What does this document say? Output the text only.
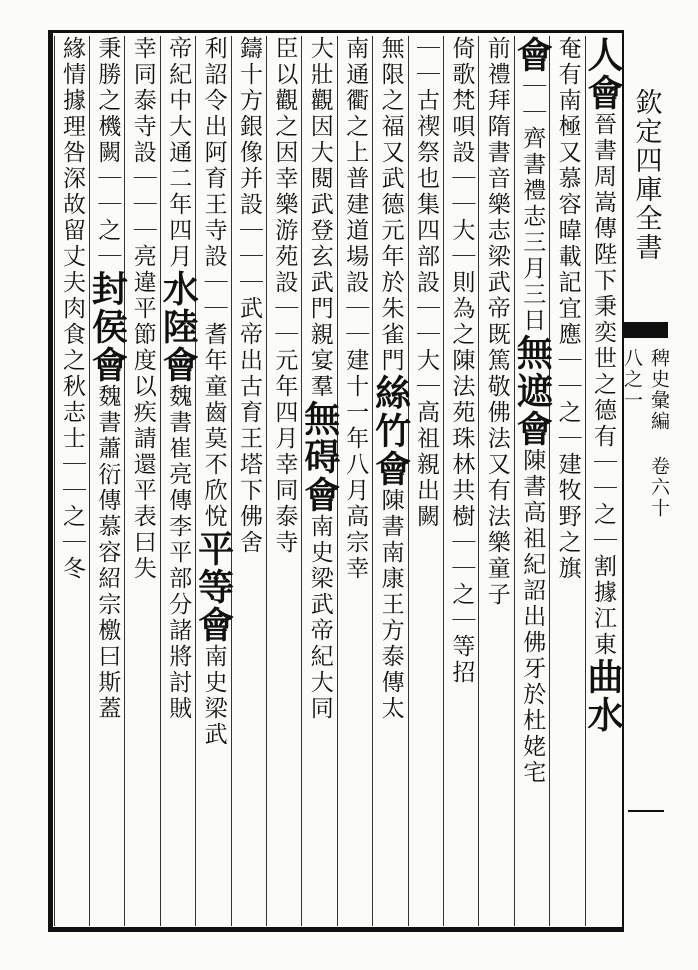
欽定四庫全書
稗史彙編 卷六十八之一
人會晉書周嵩傳陛下秉奕世之德有｜｜之｜割據江東曲水
奄有南極又慕容暐載記宜應｜｜之｜建牧野之旗
會｜｜齊書禮志三月三日無遮會陳書高祖紀詔出佛牙於杜姥宅
前禮拜隋書音樂志梁武帝既篤敬佛法又有法樂童子
倚歌梵唄設｜｜大｜則為之陳法苑珠林共樹｜｜之｜等招
｜｜古禊祭也集四部設｜｜大｜高祖親出闕
無限之福又武德元年於朱雀門絲竹會陳書南康王方泰傳太
南通衢之上普建道場設｜｜建十一年八月高宗幸
大壯觀因大閱武登玄武門親宴羣無碍會南史梁武帝紀大同
臣以觀之因幸樂游苑設｜｜元年四月幸同泰寺
鑄十方銀像并設｜｜｜武帝出古育王塔下佛舍
利詔令出阿育王寺設｜｜耆年童齒莫不欣悅平等會南史梁武
帝紀中大通二年四月水陸會魏書崔亮傳李平部分諸將討賊
幸同泰寺設｜｜｜亮違平節度以疾請還平表曰失
秉勝之機闕｜｜之｜封侯會魏書蕭衍傳慕容紹宗檄曰斯蓋
緣情據理咎深故留丈夫肉食之秋志士｜｜之｜冬
